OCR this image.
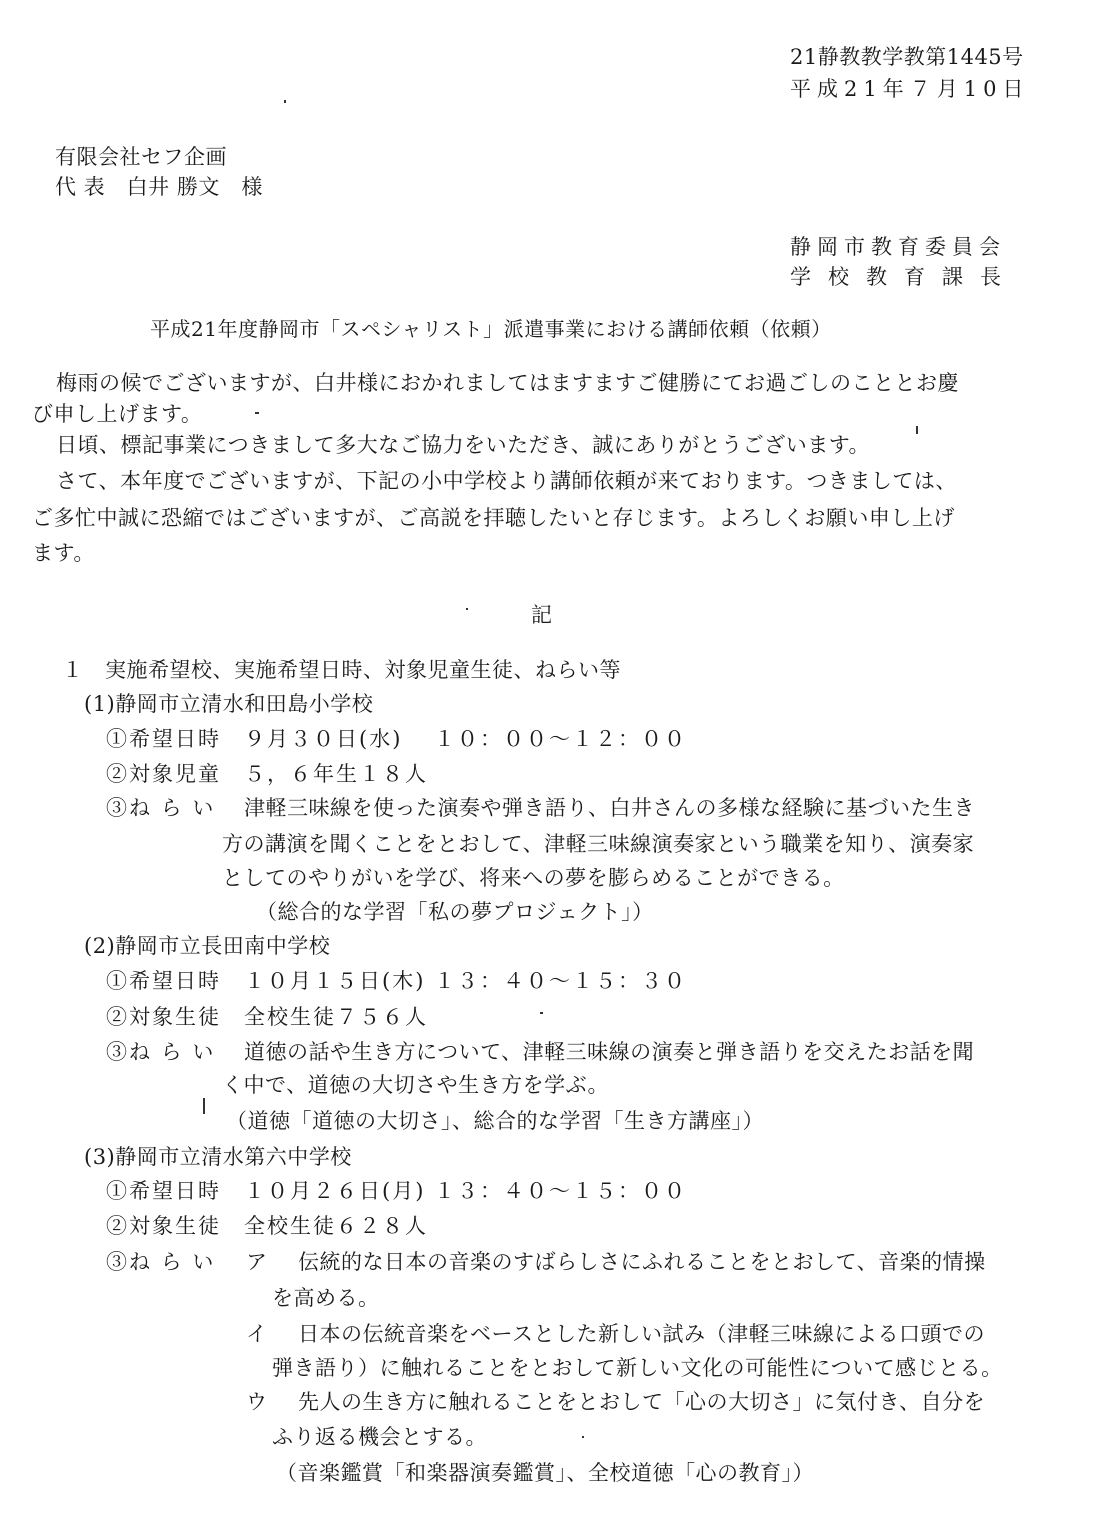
21静教教学教第1445号
平成21年７月10日
有限会社セフ企画
代 表　白井 勝文　様
静岡市教育委員会
学校教育課長
平成21年度静岡市「スペシャリスト」派遣事業における講師依頼（依頼）
梅雨の候でございますが、白井様におかれましてはますますご健勝にてお過ごしのこととお慶
び申し上げます。
日頃、標記事業につきまして多大なご協力をいただき、誠にありがとうございます。
さて、本年度でございますが、下記の小中学校より講師依頼が来ております。つきましては、
ご多忙中誠に恐縮ではございますが、ご高説を拝聴したいと存じます。よろしくお願い申し上げ
ます。
記
１　実施希望校、実施希望日時、対象児童生徒、ねらい等
(1)静岡市立清水和田島小学校
①希望日時　９月３０日(水)　 １０：００～１２：００
②対象児童　５，６年生１８人
③ね ら い 津軽三味線を使った演奏や弾き語り、白井さんの多様な経験に基づいた生き
方の講演を聞くことをとおして、津軽三味線演奏家という職業を知り、演奏家
としてのやりがいを学び、将来への夢を膨らめることができる。
（総合的な学習「私の夢プロジェクト」）
(2)静岡市立長田南中学校
①希望日時　１０月１５日(木) １３：４０～１５：３０
②対象生徒　全校生徒７５６人
③ね ら い 道徳の話や生き方について、津軽三味線の演奏と弾き語りを交えたお話を聞
く中で、道徳の大切さや生き方を学ぶ。
（道徳「道徳の大切さ」、総合的な学習「生き方講座」）
(3)静岡市立清水第六中学校
①希望日時　１０月２６日(月) １３：４０～１５：００
②対象生徒　全校生徒６２８人
③ね ら い ア 伝統的な日本の音楽のすばらしさにふれることをとおして、音楽的情操
を高める。
イ 日本の伝統音楽をベースとした新しい試み（津軽三味線による口頭での
弾き語り）に触れることをとおして新しい文化の可能性について感じとる。
ウ 先人の生き方に触れることをとおして「心の大切さ」に気付き、自分を
ふり返る機会とする。
（音楽鑑賞「和楽器演奏鑑賞」、全校道徳「心の教育」）
